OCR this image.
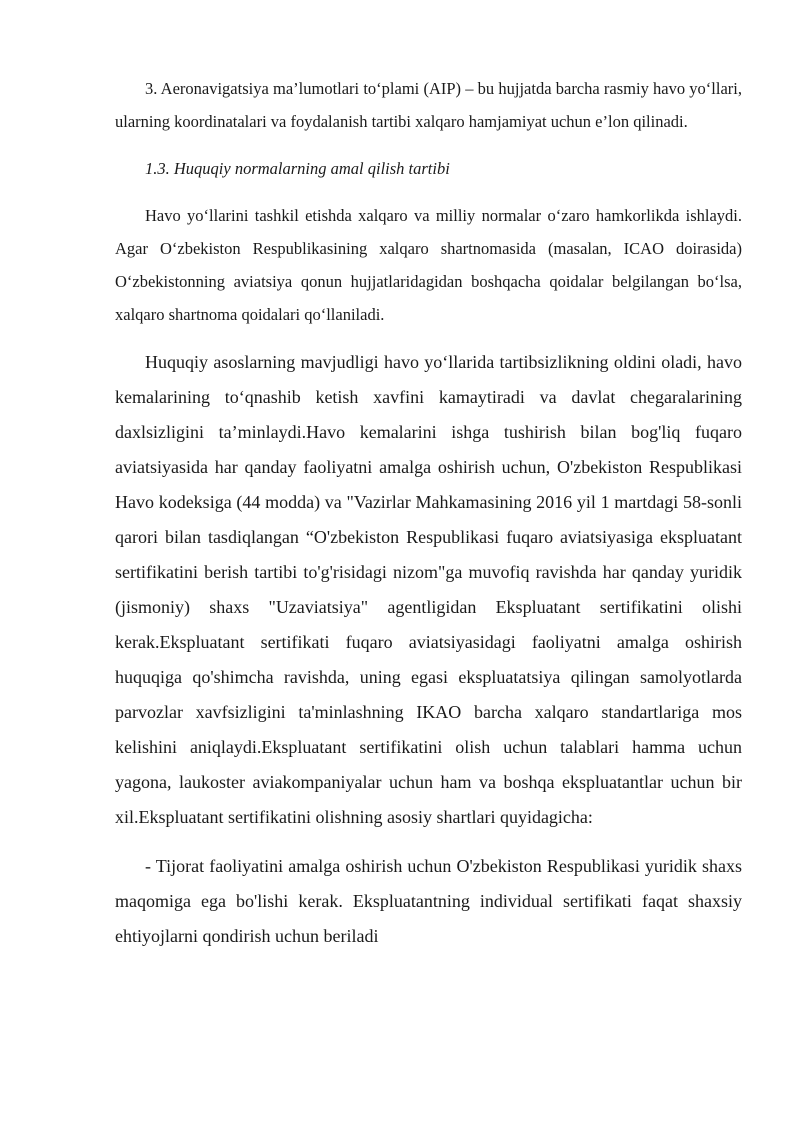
3. Aeronavigatsiya ma’lumotlari to‘plami (AIP) – bu hujjatda barcha rasmiy havo yo‘llari, ularning koordinatalari va foydalanish tartibi xalqaro hamjamiyat uchun e’lon qilinadi.

1.3. Huquqiy normalarning amal qilish tartibi

Havo yo‘llarini tashkil etishda xalqaro va milliy normalar o‘zaro hamkorlikda ishlaydi. Agar O‘zbekiston Respublikasining xalqaro shartnomasida (masalan, ICAO doirasida) O‘zbekistonning aviatsiya qonun hujjatlaridagidan boshqacha qoidalar belgilangan bo‘lsa, xalqaro shartnoma qoidalari qo‘llaniladi.

Huquqiy asoslarning mavjudligi havo yo‘llarida tartibsizlikning oldini oladi, havo kemalarining to‘qnashib ketish xavfini kamaytiradi va davlat chegaralarining daxlsizligini ta’minlaydi.Havo kemalarini ishga tushirish bilan bog'liq fuqaro aviatsiyasida har qanday faoliyatni amalga oshirish uchun, O'zbekiston Respublikasi Havo kodeksiga (44 modda) va "Vazirlar Mahkamasining 2016 yil 1 martdagi 58-sonli qarori bilan tasdiqlangan “O'zbekiston Respublikasi fuqaro aviatsiyasiga ekspluatant sertifikatini berish tartibi to'g'risidagi nizom"ga muvofiq ravishda har qanday yuridik (jismoniy) shaxs "Uzaviatsiya" agentligidan Ekspluatant sertifikatini olishi kerak.Ekspluatant sertifikati fuqaro aviatsiyasidagi faoliyatni amalga oshirish huquqiga qo'shimcha ravishda, uning egasi ekspluatatsiya qilingan samolyotlarda parvozlar xavfsizligini ta'minlashning IKAO barcha xalqaro standartlariga mos kelishini aniqlaydi.Ekspluatant sertifikatini olish uchun talablari hamma uchun yagona, laukoster aviakompaniyalar uchun ham va boshqa ekspluatantlar uchun bir xil.Ekspluatant sertifikatini olishning asosiy shartlari quyidagicha:

- Tijorat faoliyatini amalga oshirish uchun O'zbekiston Respublikasi yuridik shaxs maqomiga ega bo'lishi kerak. Ekspluatantning individual sertifikati faqat shaxsiy ehtiyojlarni qondirish uchun beriladi
